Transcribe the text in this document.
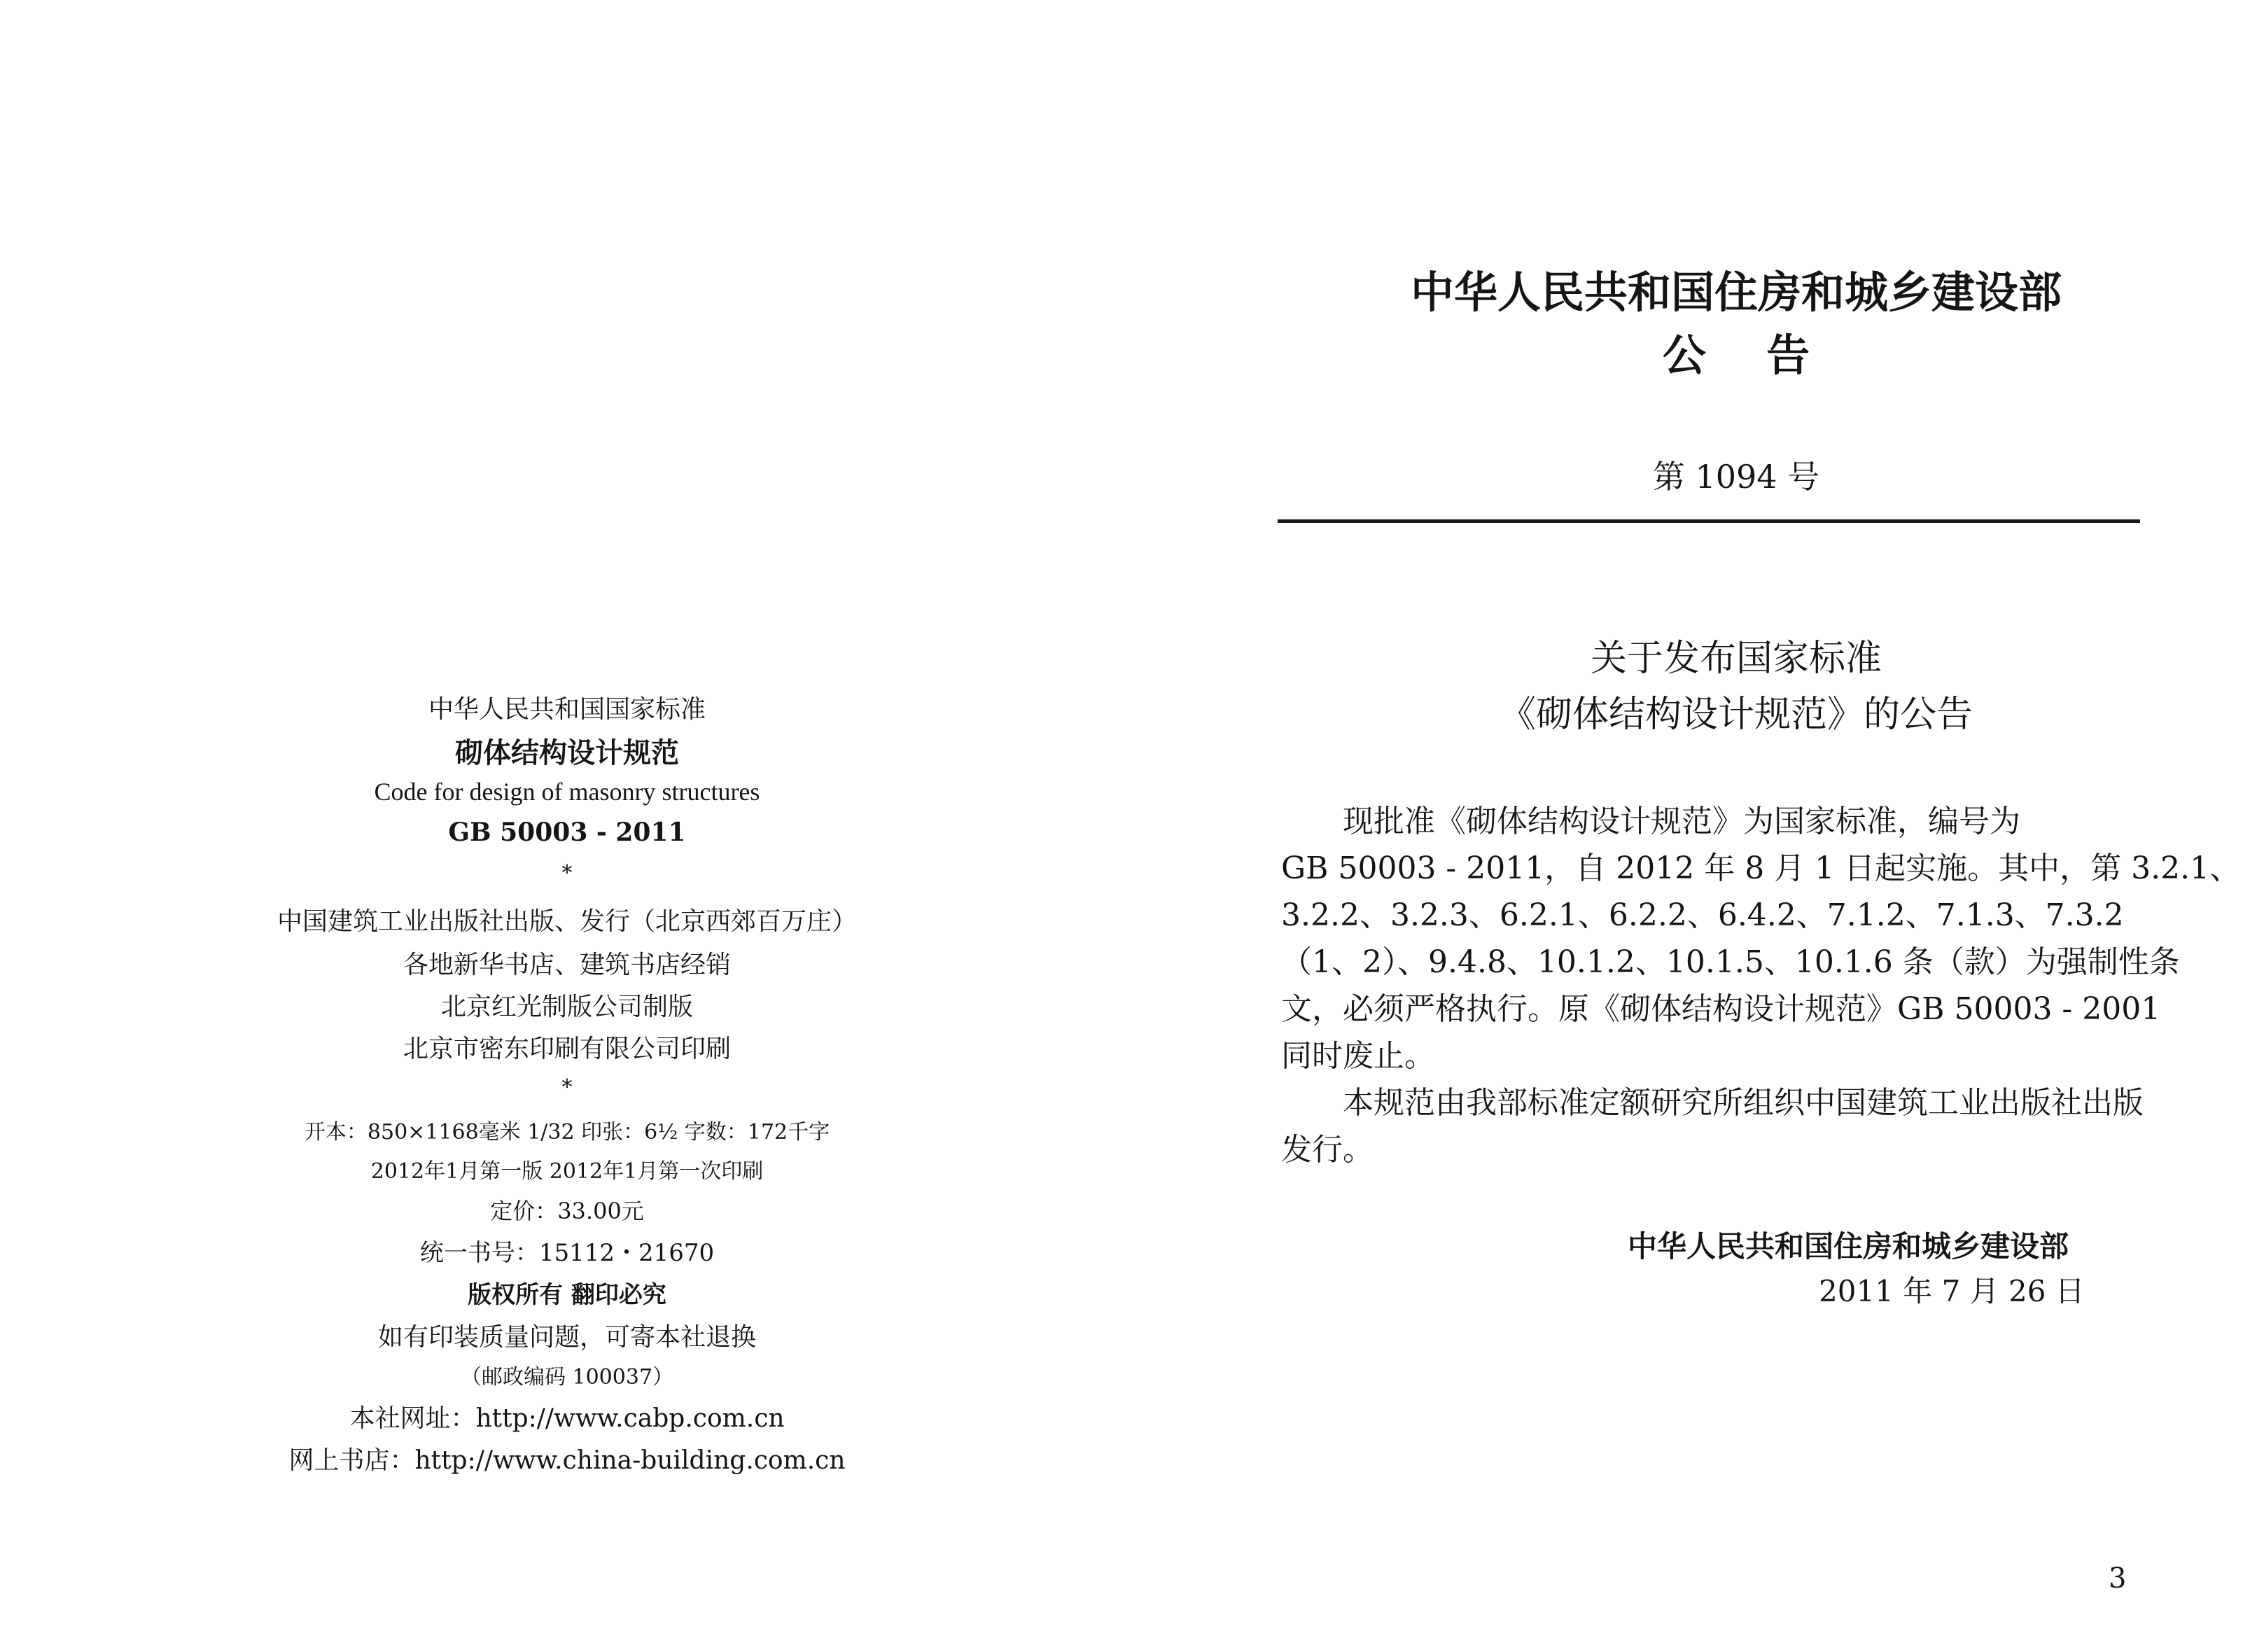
中华人民共和国国家标准
砌体结构设计规范
Code for design of masonry structures
GB 50003 - 2011
*
中国建筑工业出版社出版、发行（北京西郊百万庄）
各地新华书店、建筑书店经销
北京红光制版公司制版
北京市密东印刷有限公司印刷
*
开本：850×1168毫米 1/32 印张：6½ 字数：172千字
2012年1月第一版 2012年1月第一次印刷
定价：33.00元
统一书号：15112・21670
版权所有 翻印必究
如有印装质量问题，可寄本社退换
（邮政编码 100037）
本社网址：http://www.cabp.com.cn
网上书店：http://www.china-building.com.cn
中华人民共和国住房和城乡建设部
公    告
第 1094 号
关于发布国家标准
《砌体结构设计规范》的公告
现批准《砌体结构设计规范》为国家标准，编号为
GB 50003 - 2011，自 2012 年 8 月 1 日起实施。其中，第 3.2.1、
3.2.2、3.2.3、6.2.1、6.2.2、6.4.2、7.1.2、7.1.3、7.3.2
（1、2）、9.4.8、10.1.2、10.1.5、10.1.6 条（款）为强制性条
文，必须严格执行。原《砌体结构设计规范》GB 50003 - 2001
同时废止。
本规范由我部标准定额研究所组织中国建筑工业出版社出版
发行。
中华人民共和国住房和城乡建设部
2011 年 7 月 26 日
3
